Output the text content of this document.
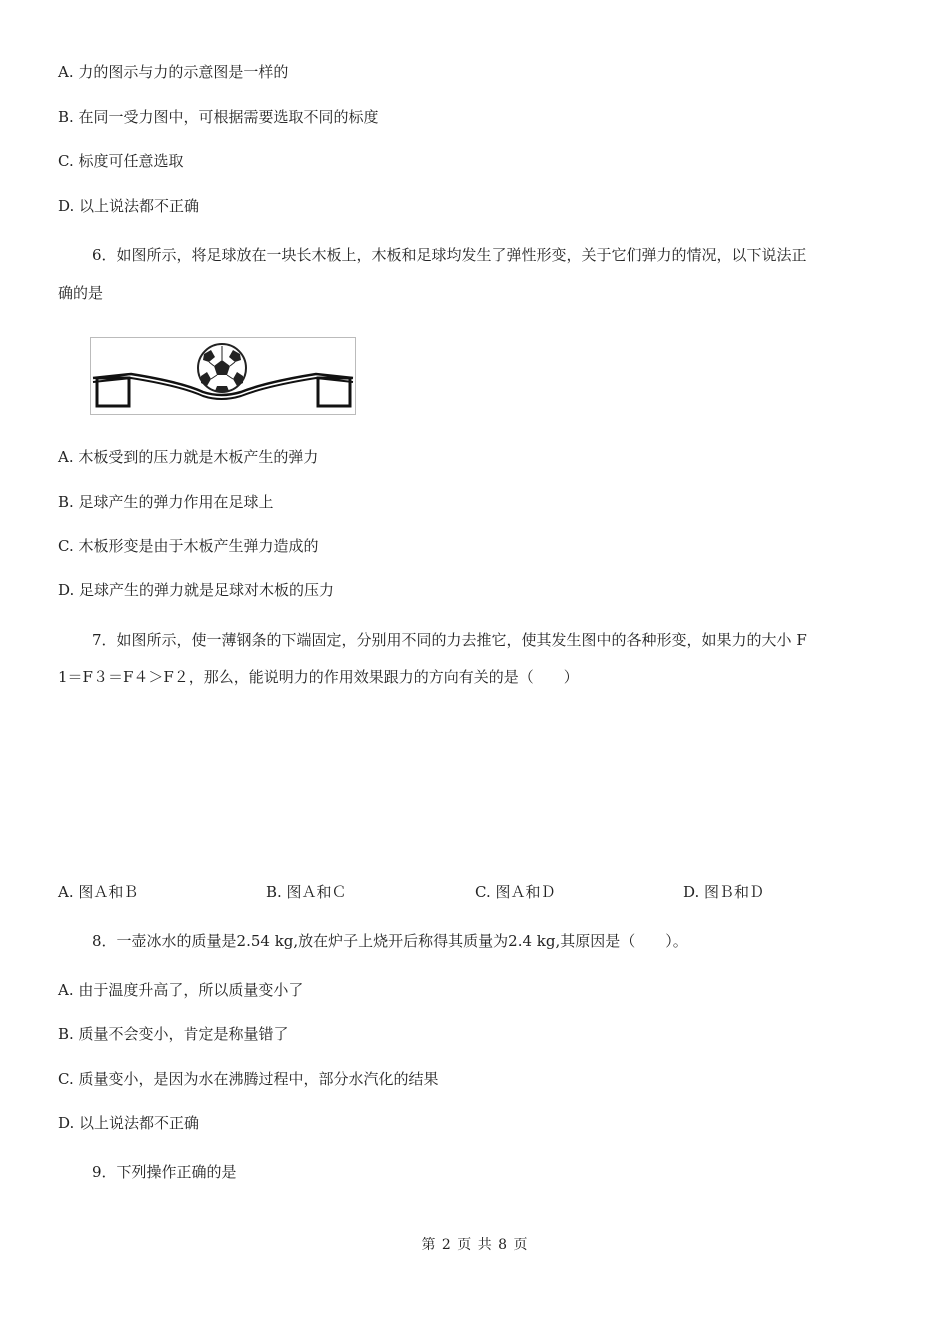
A. 力的图示与力的示意图是一样的
B. 在同一受力图中，可根据需要选取不同的标度
C. 标度可任意选取
D. 以上说法都不正确
6．如图所示，将足球放在一块长木板上，木板和足球均发生了弹性形变，关于它们弹力的情况，以下说法正
确的是
A. 木板受到的压力就是木板产生的弹力
B. 足球产生的弹力作用在足球上
C. 木板形变是由于木板产生弹力造成的
D. 足球产生的弹力就是足球对木板的压力
7．如图所示，使一薄钢条的下端固定，分别用不同的力去推它，使其发生图中的各种形变，如果力的大小 F
1＝F３＝F４＞F２，那么，能说明力的作用效果跟力的方向有关的是（　　）
A. 图Ａ和Ｂ	B. 图Ａ和Ｃ	C. 图Ａ和Ｄ	D. 图Ｂ和Ｄ
8．一壶冰水的质量是2.54 kg,放在炉子上烧开后称得其质量为2.4 kg,其原因是（　　）。
A. 由于温度升高了，所以质量变小了
B. 质量不会变小，肯定是称量错了
C. 质量变小，是因为水在沸腾过程中，部分水汽化的结果
D. 以上说法都不正确
9．下列操作正确的是
第 2 页 共 8 页
